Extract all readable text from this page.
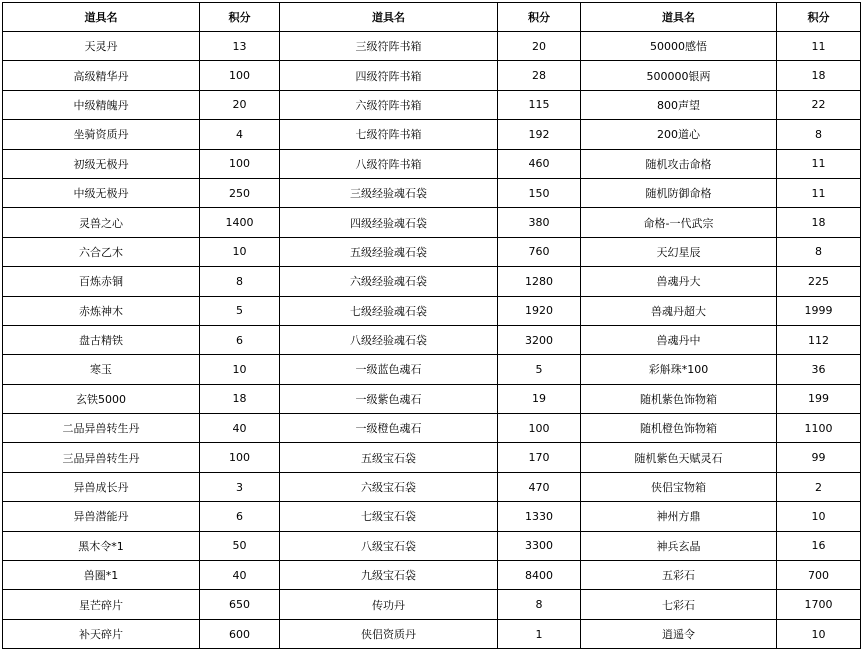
道具名	积分	道具名	积分	道具名	积分
天灵丹	13	三级符阵书箱	20	50000感悟	11
高级精华丹	100	四级符阵书箱	28	500000银两	18
中级精魄丹	20	六级符阵书箱	115	800声望	22
坐骑资质丹	4	七级符阵书箱	192	200道心	8
初级无极丹	100	八级符阵书箱	460	随机攻击命格	11
中级无极丹	250	三级经验魂石袋	150	随机防御命格	11
灵兽之心	1400	四级经验魂石袋	380	命格-一代武宗	18
六合乙木	10	五级经验魂石袋	760	天幻星辰	8
百炼赤铜	8	六级经验魂石袋	1280	兽魂丹大	225
赤炼神木	5	七级经验魂石袋	1920	兽魂丹超大	1999
盘古精铁	6	八级经验魂石袋	3200	兽魂丹中	112
寒玉	10	一级蓝色魂石	5	彩斛珠*100	36
玄铁5000	18	一级紫色魂石	19	随机紫色饰物箱	199
二品异兽转生丹	40	一级橙色魂石	100	随机橙色饰物箱	1100
三品异兽转生丹	100	五级宝石袋	170	随机紫色天赋灵石	99
异兽成长丹	3	六级宝石袋	470	侠侣宝物箱	2
异兽潜能丹	6	七级宝石袋	1330	神州方鼎	10
黑木令*1	50	八级宝石袋	3300	神兵玄晶	16
兽圈*1	40	九级宝石袋	8400	五彩石	700
星芒碎片	650	传功丹	8	七彩石	1700
补天碎片	600	侠侣资质丹	1	逍遥令	10
